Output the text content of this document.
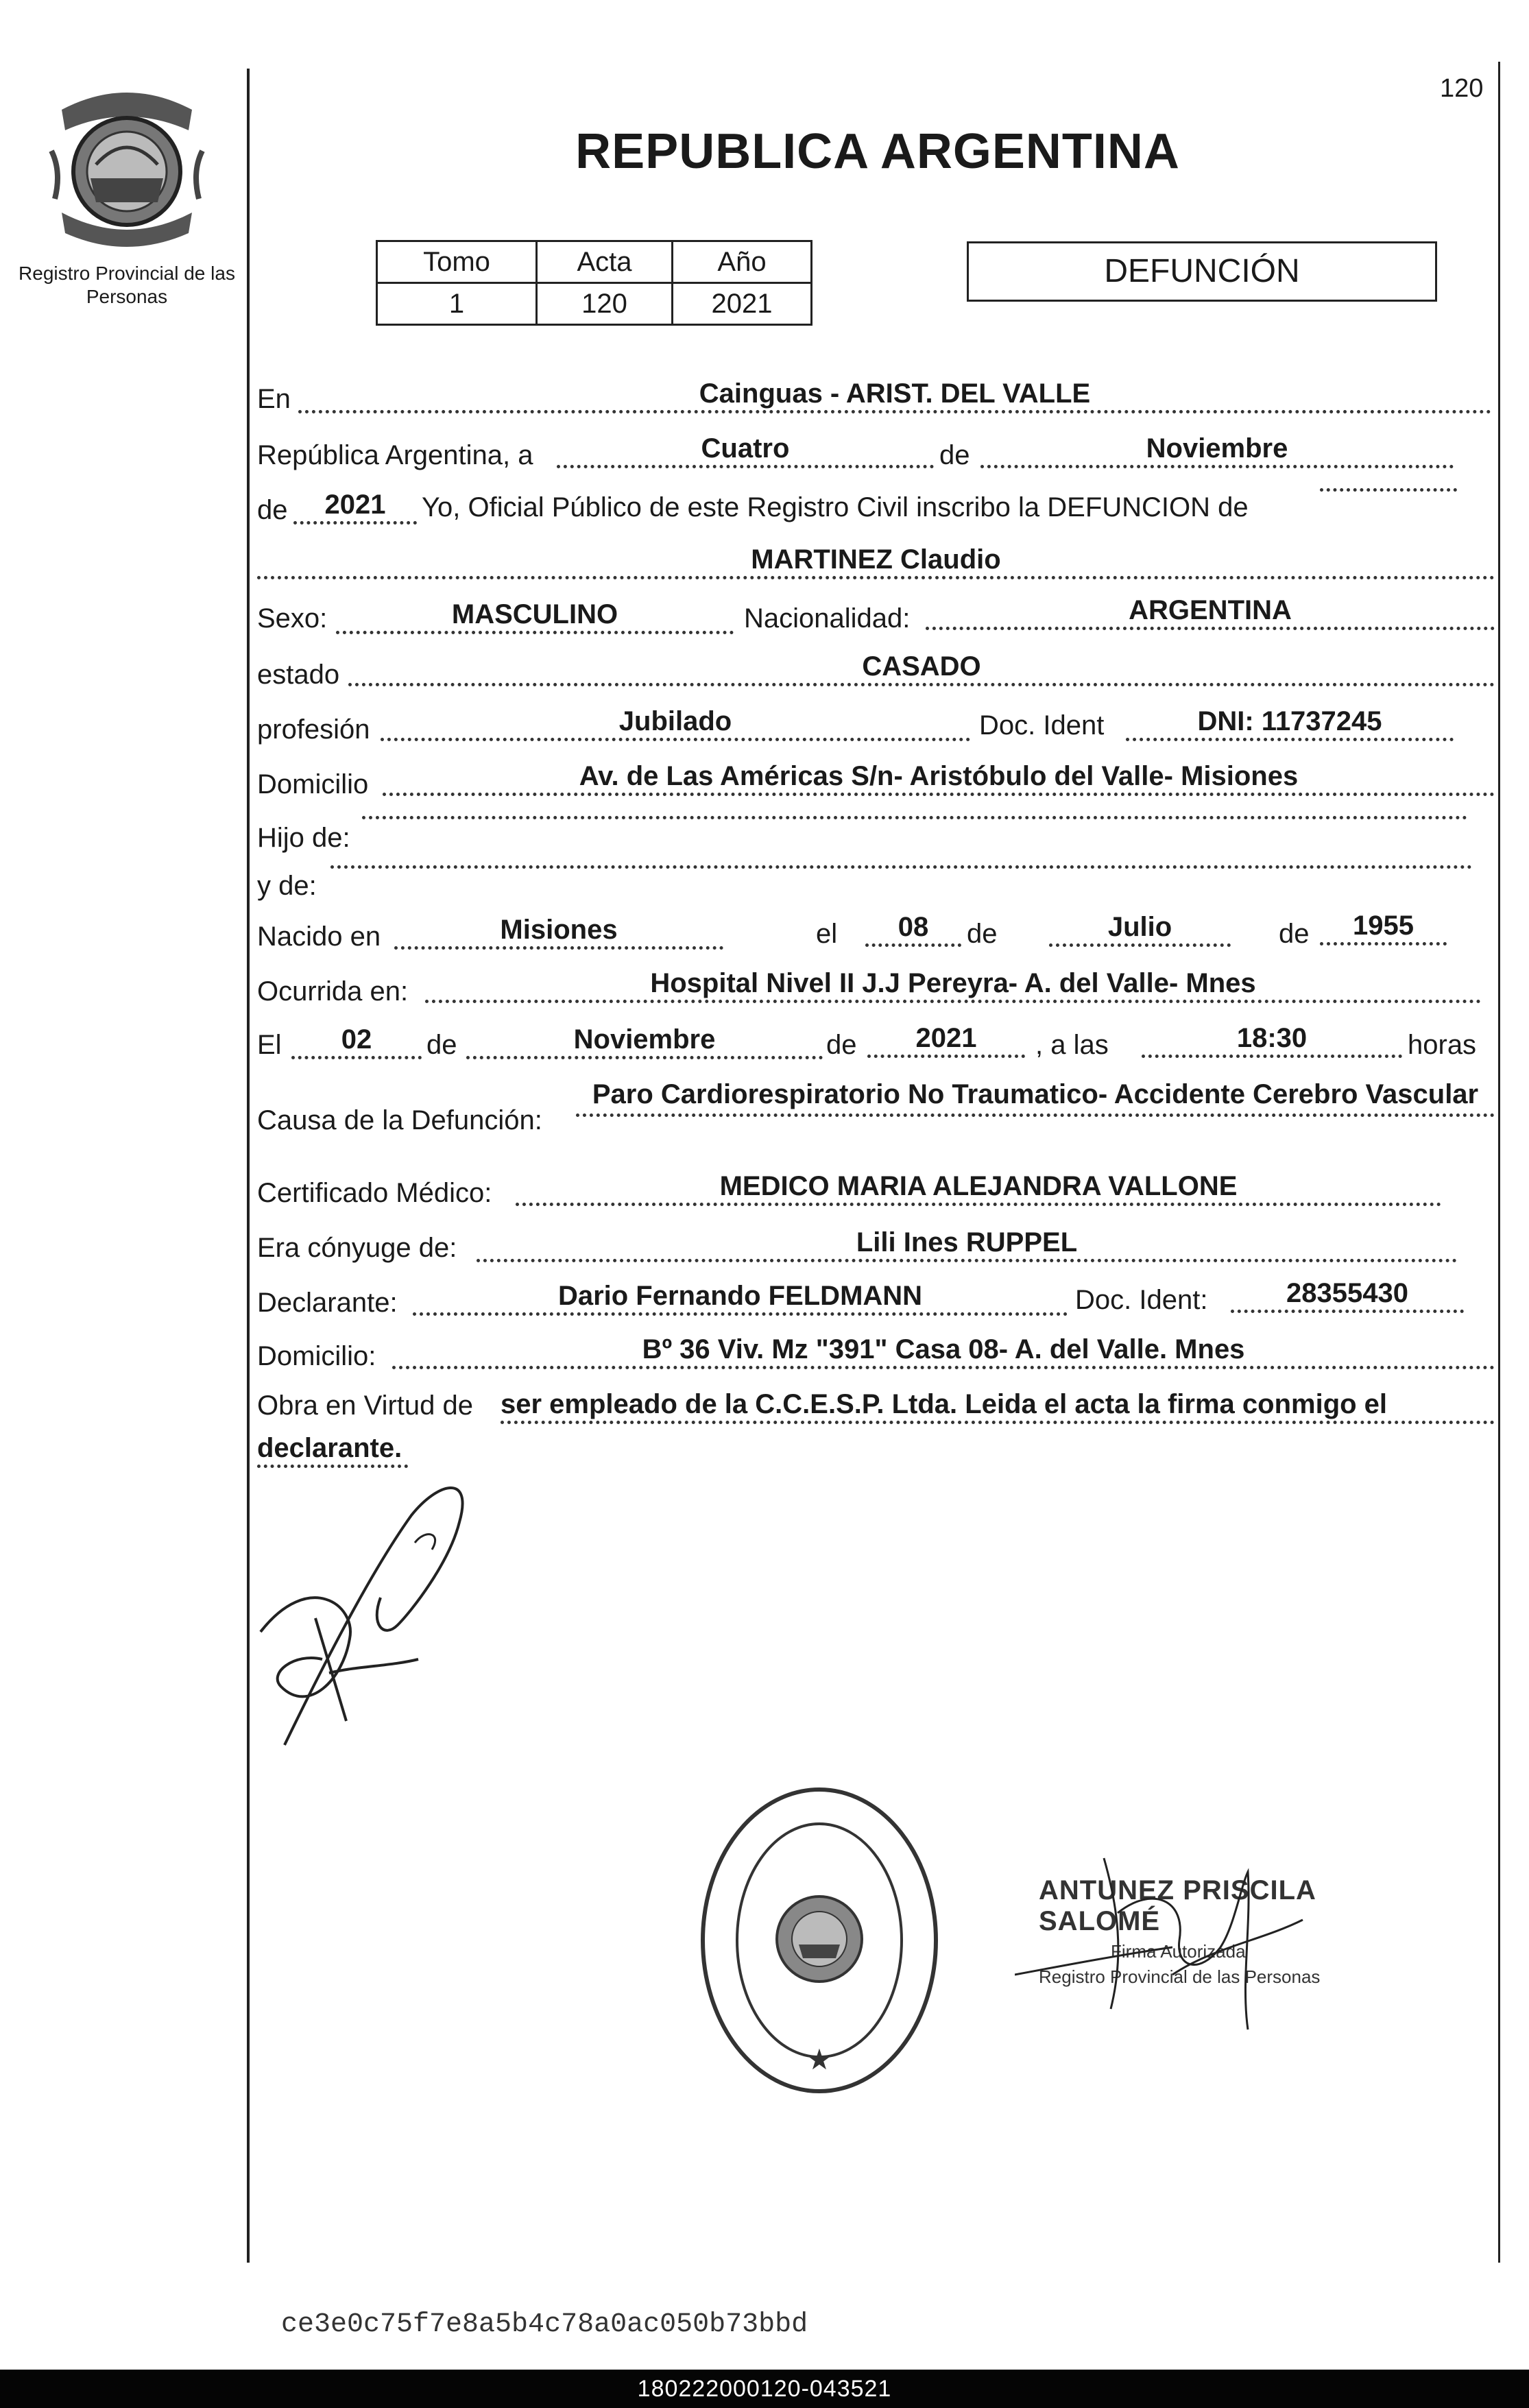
Registro Provincial de las Personas
120
REPUBLICA ARGENTINA
Tomo	Acta	Año
1	120	2021
DEFUNCIÓN
En	Cainguas - ARIST. DEL VALLE
República Argentina, a	Cuatro	de	Noviembre
de	2021	Yo, Oficial Público de este Registro Civil inscribo la DEFUNCION de
MARTINEZ Claudio
Sexo:	MASCULINO	Nacionalidad:	ARGENTINA
estado	CASADO
profesión	Jubilado	Doc. Ident	DNI: 11737245
Domicilio	Av. de Las Américas S/n- Aristóbulo del Valle- Misiones
Hijo de:
y de:
Nacido en	Misiones	el	08	de	Julio	de	1955
Ocurrida en:	Hospital Nivel II J.J Pereyra- A. del Valle- Mnes
El	02	de	Noviembre	de	2021	, a las	18:30	horas
Causa de la Defunción:
Paro Cardiorespiratorio No Traumatico- Accidente Cerebro Vascular
Certificado Médico:	MEDICO MARIA ALEJANDRA VALLONE
Era cónyuge de:	Lili Ines RUPPEL
Declarante:	Dario Fernando FELDMANN	Doc. Ident:	28355430
Domicilio:	Bº 36 Viv. Mz "391" Casa 08- A. del Valle. Mnes
Obra en Virtud de ser empleado de la C.C.E.S.P. Ltda. Leida el acta la firma conmigo el
declarante.
★
ANTUNEZ PRISCILA SALOMÉ
Firma Autorizada
Registro Provincial de las Personas
ce3e0c75f7e8a5b4c78a0ac050b73bbd
180222000120-043521
